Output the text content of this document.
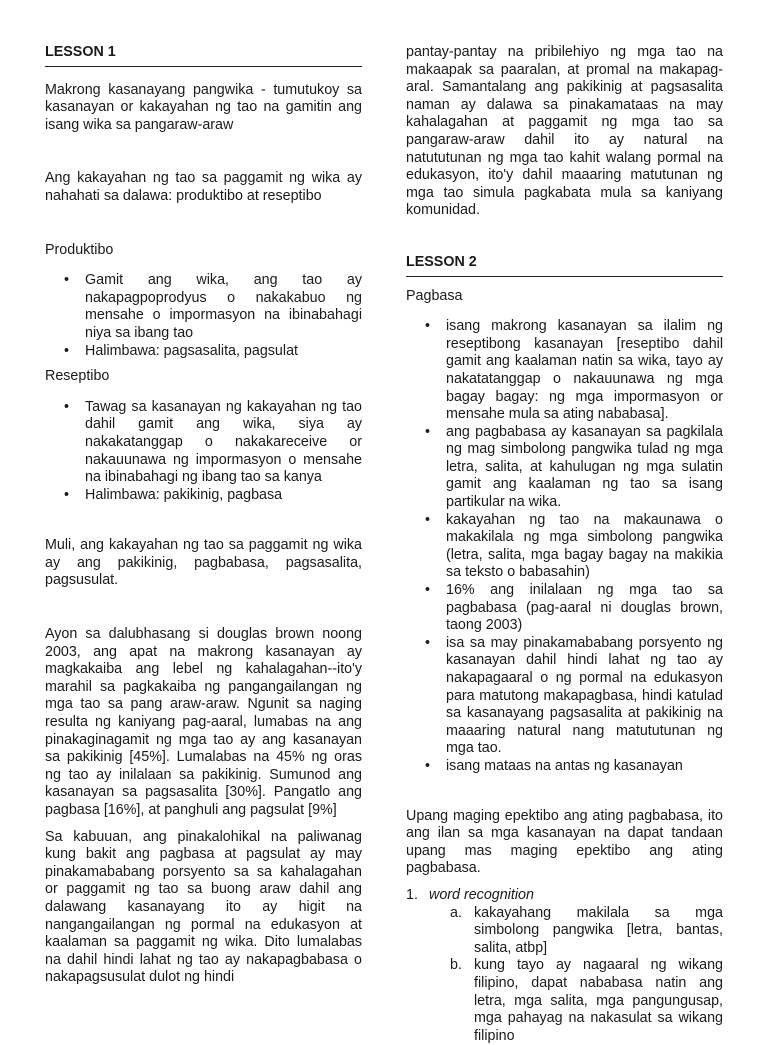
LESSON 1

Makrong kasanayang pangwika - tumutukoy sa kasanayan or kakayahan ng tao na gamitin ang isang wika sa pangaraw-araw

Ang kakayahan ng tao sa paggamit ng wika ay nahahati sa dalawa: produktibo at reseptibo

Produktibo

• Gamit ang wika, ang tao ay nakapagpoprodyus o nakakabuo ng mensahe o impormasyon na ibinabahagi niya sa ibang tao
• Halimbawa: pagsasalita, pagsulat

Reseptibo

• Tawag sa kasanayan ng kakayahan ng tao dahil gamit ang wika, siya ay nakakatanggap o nakakareceive or nakauunawa ng impormasyon o mensahe na ibinabahagi ng ibang tao sa kanya
• Halimbawa: pakikinig, pagbasa

Muli, ang kakayahan ng tao sa paggamit ng wika ay ang pakikinig, pagbabasa, pagsasalita, pagsusulat.

Ayon sa dalubhasang si douglas brown noong 2003, ang apat na makrong kasanayan ay magkakaiba ang lebel ng kahalagahan--ito'y marahil sa pagkakaiba ng pangangailangan ng mga tao sa pang araw-araw. Ngunit sa naging resulta ng kaniyang pag-aaral, lumabas na ang pinakaginagamit ng mga tao ay ang kasanayan sa pakikinig [45%]. Lumalabas na 45% ng oras ng tao ay inilalaan sa pakikinig. Sumunod ang kasanayan sa pagsasalita [30%]. Pangatlo ang pagbasa [16%], at panghuli ang pagsulat [9%]

Sa kabuuan, ang pinakalohikal na paliwanag kung bakit ang pagbasa at pagsulat ay may pinakamababang porsyento sa sa kahalagahan or paggamit ng tao sa buong araw dahil ang dalawang kasanayang ito ay higit na nangangailangan ng pormal na edukasyon at kaalaman sa paggamit ng wika. Dito lumalabas na dahil hindi lahat ng tao ay nakapagbabasa o nakapagsusulat dulot ng hindi

pantay-pantay na pribilehiyo ng mga tao na makaapak sa paaralan, at promal na makapag-aral. Samantalang ang pakikinig at pagsasalita naman ay dalawa sa pinakamataas na may kahalagahan at paggamit ng mga tao sa pangaraw-araw dahil ito ay natural na natututunan ng mga tao kahit walang pormal na edukasyon, ito'y dahil maaaring matutunan ng mga tao simula pagkabata mula sa kaniyang komunidad.

LESSON 2

Pagbasa

• isang makrong kasanayan sa ilalim ng reseptibong kasanayan [reseptibo dahil gamit ang kaalaman natin sa wika, tayo ay nakatatanggap o nakauunawa ng mga bagay bagay: ng mga impormasyon or mensahe mula sa ating nababasa].
• ang pagbabasa ay kasanayan sa pagkilala ng mag simbolong pangwika tulad ng mga letra, salita, at kahulugan ng mga sulatin gamit ang kaalaman ng tao sa isang partikular na wika.
• kakayahan ng tao na makaunawa o makakilala ng mga simbolong pangwika (letra, salita, mga bagay bagay na makikia sa teksto o babasahin)
• 16% ang inilalaan ng mga tao sa pagbabasa (pag-aaral ni douglas brown, taong 2003)
• isa sa may pinakamababang porsyento ng kasanayan dahil hindi lahat ng tao ay nakapagaaral o ng pormal na edukasyon para matutong makapagbasa, hindi katulad sa kasanayang pagsasalita at pakikinig na maaaring natural nang matututunan ng mga tao.
• isang mataas na antas ng kasanayan

Upang maging epektibo ang ating pagbabasa, ito ang ilan sa mga kasanayan na dapat tandaan upang mas maging epektibo ang ating pagbabasa.

1. word recognition
a. kakayahang makilala sa mga simbolong pangwika [letra, bantas, salita, atbp]
b. kung tayo ay nagaaral ng wikang filipino, dapat nababasa natin ang letra, mga salita, mga pangungusap, mga pahayag na nakasulat sa wikang filipino
